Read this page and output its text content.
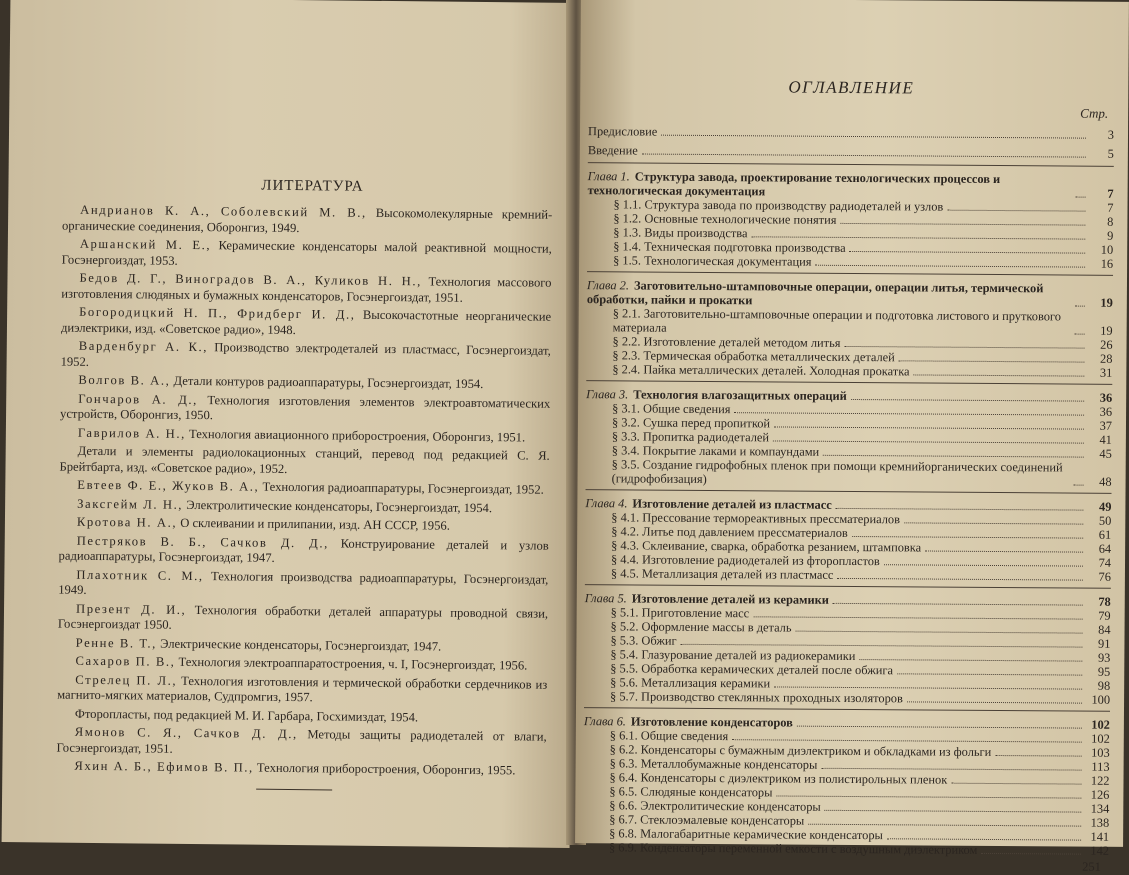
ЛИТЕРАТУРА

Андрианов К. А., Соболевский М. В., Высокомолекулярные кремний-органические соединения, Оборонгиз, 1949.

Аршанский М. Е., Керамические конденсаторы малой реактивной мощности, Госэнергоиздат, 1953.

Бедов Д. Г., Виноградов В. А., Куликов Н. Н., Технология массового изготовления слюдяных и бумажных конденсаторов, Госэнергоиздат, 1951.

Богородицкий Н. П., Фридберг И. Д., Высокочастотные неорганические диэлектрики, изд. «Советское радио», 1948.

Варденбург А. К., Производство электродеталей из пластмасс, Госэнергоиздат, 1952.

Волгов В. А., Детали контуров радиоаппаратуры, Госэнергоиздат, 1954.

Гончаров А. Д., Технология изготовления элементов электроавтоматических устройств, Оборонгиз, 1950.

Гаврилов А. Н., Технология авиационного приборостроения, Оборонгиз, 1951.

Детали и элементы радиолокационных станций, перевод под редакцией С. Я. Брейтбарта, изд. «Советское радио», 1952.

Евтеев Ф. Е., Жуков В. А., Технология радиоаппаратуры, Госэнергоиздат, 1952.

Заксгейм Л. Н., Электролитические конденсаторы, Госэнергоиздат, 1954.

Кротова Н. А., О склеивании и прилипании, изд. АН СССР, 1956.

Пестряков В. Б., Сачков Д. Д., Конструирование деталей и узлов радиоаппаратуры, Госэнергоиздат, 1947.

Плахотник С. М., Технология производства радиоаппаратуры, Госэнергоиздат, 1949.

Презент Д. И., Технология обработки деталей аппаратуры проводной связи, Госэнергоиздат 1950.

Ренне В. Т., Электрические конденсаторы, Госэнергоиздат, 1947.

Сахаров П. В., Технология электроаппаратостроения, ч. I, Госэнергоиздат, 1956.

Стрелец П. Л., Технология изготовления и термической обработки сердечников из магнито-мягких материалов, Судпромгиз, 1957.

Фторопласты, под редакцией М. И. Гарбара, Госхимиздат, 1954.

Ямонов С. Я., Сачков Д. Д., Методы защиты радиодеталей от влаги, Госэнергоиздат, 1951.

Яхин А. Б., Ефимов В. П., Технология приборостроения, Оборонгиз, 1955.

ОГЛАВЛЕНИЕ
Стр.
Предисловие	3
Введение	5
Глава 1. Структура завода, проектирование технологических процессов и технологическая документация	7
§ 1.1. Структура завода по производству радиодеталей и узлов	7
§ 1.2. Основные технологические понятия	8
§ 1.3. Виды производства	9
§ 1.4. Техническая подготовка производства	10
§ 1.5. Технологическая документация	16
Глава 2. Заготовительно-штамповочные операции, операции литья, термической обработки, пайки и прокатки	19
§ 2.1. Заготовительно-штамповочные операции и подготовка листового и пруткового материала	19
§ 2.2. Изготовление деталей методом литья	26
§ 2.3. Термическая обработка металлических деталей	28
§ 2.4. Пайка металлических деталей. Холодная прокатка	31
Глава 3. Технология влагозащитных операций	36
§ 3.1. Общие сведения	36
§ 3.2. Сушка перед пропиткой	37
§ 3.3. Пропитка радиодеталей	41
§ 3.4. Покрытие лаками и компаундами	45
§ 3.5. Создание гидрофобных пленок при помощи кремнийорганических соединений (гидрофобизация)	48
Глава 4. Изготовление деталей из пластмасс	49
§ 4.1. Прессование термореактивных прессматериалов	50
§ 4.2. Литье под давлением прессматериалов	61
§ 4.3. Склеивание, сварка, обработка резанием, штамповка	64
§ 4.4. Изготовление радиодеталей из фторопластов	74
§ 4.5. Металлизация деталей из пластмасс	76
Глава 5. Изготовление деталей из керамики	78
§ 5.1. Приготовление масс	79
§ 5.2. Оформление массы в деталь	84
§ 5.3. Обжиг	91
§ 5.4. Глазурование деталей из радиокерамики	93
§ 5.5. Обработка керамических деталей после обжига	95
§ 5.6. Металлизация керамики	98
§ 5.7. Производство стеклянных проходных изоляторов	100
Глава 6. Изготовление конденсаторов	102
§ 6.1. Общие сведения	102
§ 6.2. Конденсаторы с бумажным диэлектриком и обкладками из фольги	103
§ 6.3. Металлобумажные конденсаторы	113
§ 6.4. Конденсаторы с диэлектриком из полистирольных пленок	122
§ 6.5. Слюдяные конденсаторы	126
§ 6.6. Электролитические конденсаторы	134
§ 6.7. Стеклоэмалевые конденсаторы	138
§ 6.8. Малогабаритные керамические конденсаторы	141
§ 6.9. Конденсаторы переменной емкости с воздушным диэлектриком	142
251
